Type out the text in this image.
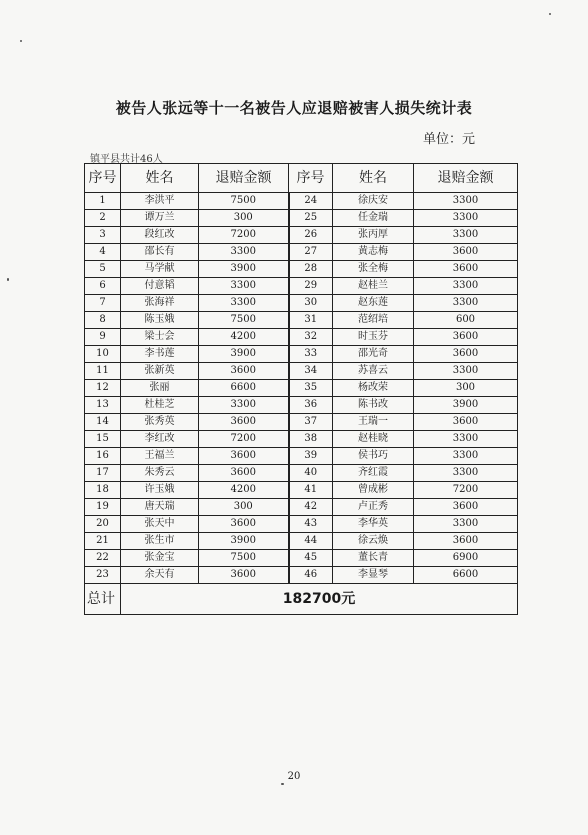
被告人张远等十一名被告人应退赔被害人损失统计表
单位：元
镇平县共计46人
序号	姓名	退赔金额	序号	姓名	退赔金额
1	李洪平	7500	24	徐庆安	3300
2	谭万兰	300	25	任金瑞	3300
3	段红改	7200	26	张丙厚	3300
4	邵长有	3300	27	黄志梅	3600
5	马学献	3900	28	张全梅	3600
6	付意韬	3300	29	赵桂兰	3300
7	张海祥	3300	30	赵东莲	3300
8	陈玉娥	7500	31	范绍培	600
9	梁士会	4200	32	时玉芬	3600
10	李书莲	3900	33	邵光奇	3600
11	张新英	3600	34	苏喜云	3300
12	张丽	6600	35	杨改荣	300
13	杜桂芝	3300	36	陈书改	3900
14	张秀英	3600	37	王瑞一	3600
15	李红改	7200	38	赵桂晓	3300
16	王福兰	3600	39	侯书巧	3300
17	朱秀云	3600	40	齐红霞	3300
18	许玉娥	4200	41	曾成彬	7200
19	唐天瑞	300	42	卢正秀	3600
20	张天中	3600	43	李华英	3300
21	张生市	3900	44	徐云焕	3600
22	张金宝	7500	45	董长青	6900
23	余天有	3600	46	李显琴	6600
总计	182700元				
20
